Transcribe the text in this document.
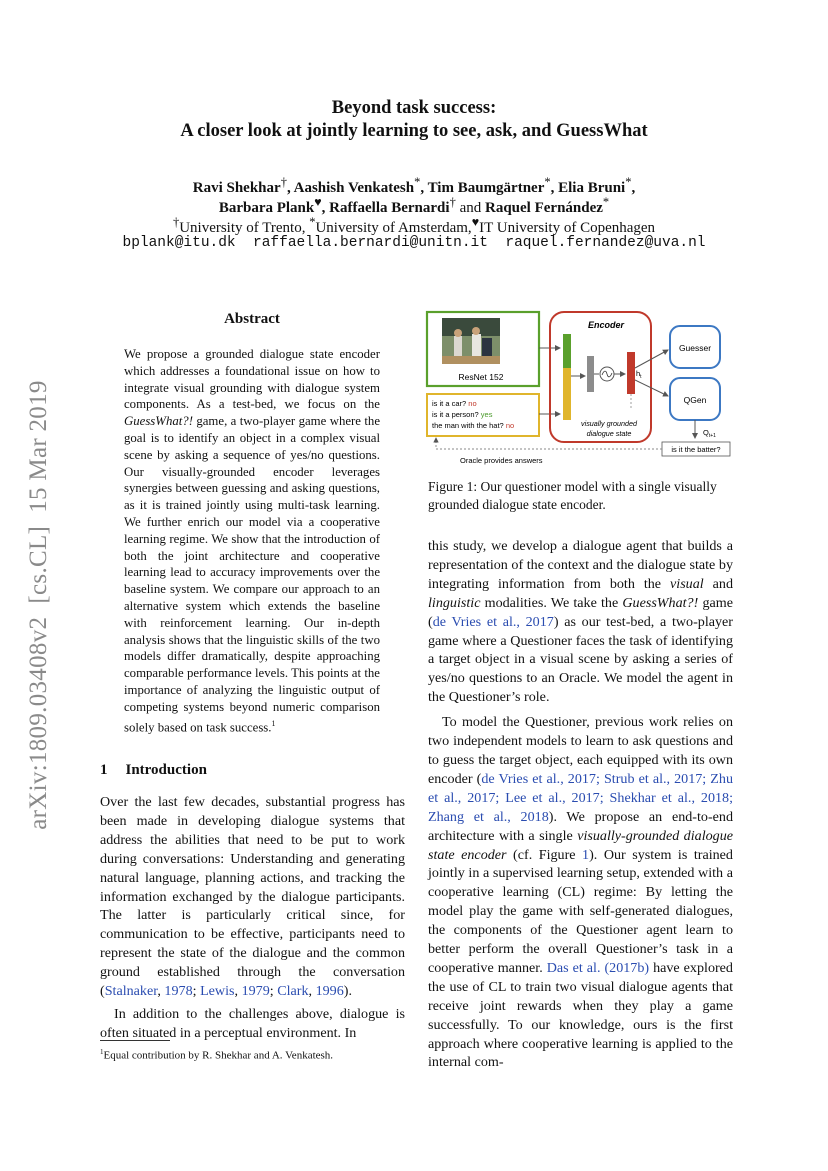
Beyond task success:
A closer look at jointly learning to see, ask, and GuessWhat
Ravi Shekhar†, Aashish Venkatesh*, Tim Baumgärtner*, Elia Bruni*,
Barbara Plank♥, Raffaella Bernardi† and Raquel Fernández*
†University of Trento, *University of Amsterdam,♥IT University of Copenhagen
bplank@itu.dk  raffaella.bernardi@unitn.it  raquel.fernandez@uva.nl
arXiv:1809.03408v2  [cs.CL]  15 Mar 2019
Abstract
We propose a grounded dialogue state encoder which addresses a foundational issue on how to integrate visual grounding with dialogue system components. As a test-bed, we focus on the GuessWhat?! game, a two-player game where the goal is to identify an object in a complex visual scene by asking a sequence of yes/no questions. Our visually-grounded encoder leverages synergies between guessing and asking questions, as it is trained jointly using multi-task learning. We further enrich our model via a cooperative learning regime. We show that the introduction of both the joint architecture and cooperative learning lead to accuracy improvements over the baseline system. We compare our approach to an alternative system which extends the baseline with reinforcement learning. Our in-depth analysis shows that the linguistic skills of the two models differ dramatically, despite approaching comparable performance levels. This points at the importance of analyzing the linguistic output of competing systems beyond numeric comparison solely based on task success.$^1$
1 Introduction

Over the last few decades, substantial progress has been made in developing dialogue systems that address the abilities that need to be put to work during conversations: Understanding and generating natural language, planning actions, and tracking the information exchanged by the dialogue participants. The latter is particularly critical since, for communication to be effective, participants need to represent the state of the dialogue and the common ground established through the conversation (Stalnaker, 1978; Lewis, 1979; Clark, 1996).

In addition to the challenges above, dialogue is often situated in a perceptual environment. In

$^1$Equal contribution by R. Shekhar and A. Venkatesh.
ResNet 152
is it a car? no
is it a person? yes
the man with the hat? no
Encoder
$h_t$
visually grounded
dialogue state
Guesser
QGen
$Q_{t+1}$
is it the batter?
Oracle provides answers
Figure 1: Our questioner model with a single visually grounded dialogue state encoder.

this study, we develop a dialogue agent that builds a representation of the context and the dialogue state by integrating information from both the visual and linguistic modalities. We take the GuessWhat?! game (de Vries et al., 2017) as our test-bed, a two-player game where a Questioner faces the task of identifying a target object in a visual scene by asking a series of yes/no questions to an Oracle. We model the agent in the Questioner’s role.

To model the Questioner, previous work relies on two independent models to learn to ask questions and to guess the target object, each equipped with its own encoder (de Vries et al., 2017; Strub et al., 2017; Zhu et al., 2017; Lee et al., 2017; Shekhar et al., 2018; Zhang et al., 2018). We propose an end-to-end architecture with a single visually-grounded dialogue state encoder (cf. Figure 1). Our system is trained jointly in a supervised learning setup, extended with a cooperative learning (CL) regime: By letting the model play the game with self-generated dialogues, the components of the Questioner agent learn to better perform the overall Questioner’s task in a cooperative manner. Das et al. (2017b) have explored the use of CL to train two visual dialogue agents that receive joint rewards when they play a game successfully. To our knowledge, ours is the first approach where cooperative learning is applied to the internal com-
